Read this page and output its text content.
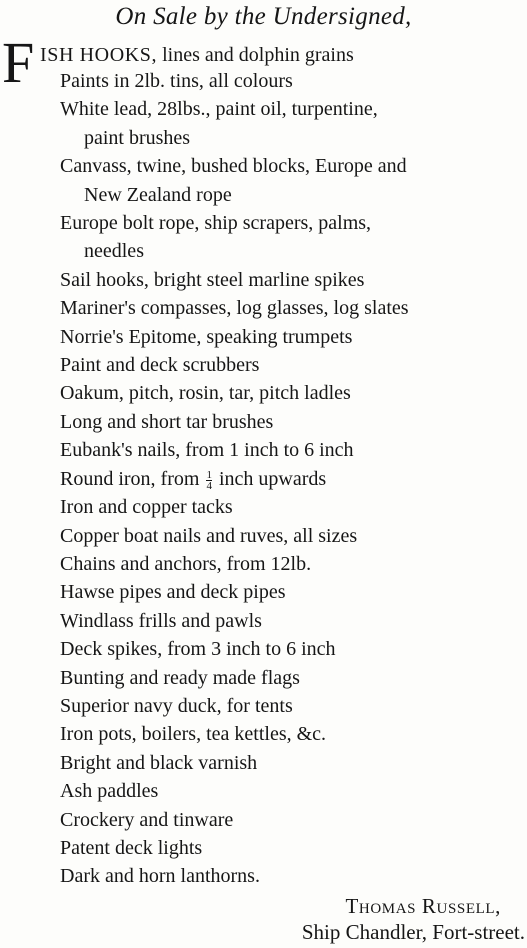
On Sale by the Undersigned,
F ISH HOOKS, lines and dolphin grains
Paints in 2lb. tins, all colours
White lead, 28lbs., paint oil, turpentine,
paint brushes
Canvass, twine, bushed blocks, Europe and
New Zealand rope
Europe bolt rope, ship scrapers, palms,
needles
Sail hooks, bright steel marline spikes
Mariner's compasses, log glasses, log slates
Norrie's Epitome, speaking trumpets
Paint and deck scrubbers
Oakum, pitch, rosin, tar, pitch ladles
Long and short tar brushes
Eubank's nails, from 1 inch to 6 inch
Round iron, from $\frac{1}{4}$ inch upwards
Iron and copper tacks
Copper boat nails and ruves, all sizes
Chains and anchors, from 12lb.
Hawse pipes and deck pipes
Windlass frills and pawls
Deck spikes, from 3 inch to 6 inch
Bunting and ready made flags
Superior navy duck, for tents
Iron pots, boilers, tea kettles, &c.
Bright and black varnish
Ash paddles
Crockery and tinware
Patent deck lights
Dark and horn lanthorns.
Thomas Russell,
Ship Chandler, Fort-street.
